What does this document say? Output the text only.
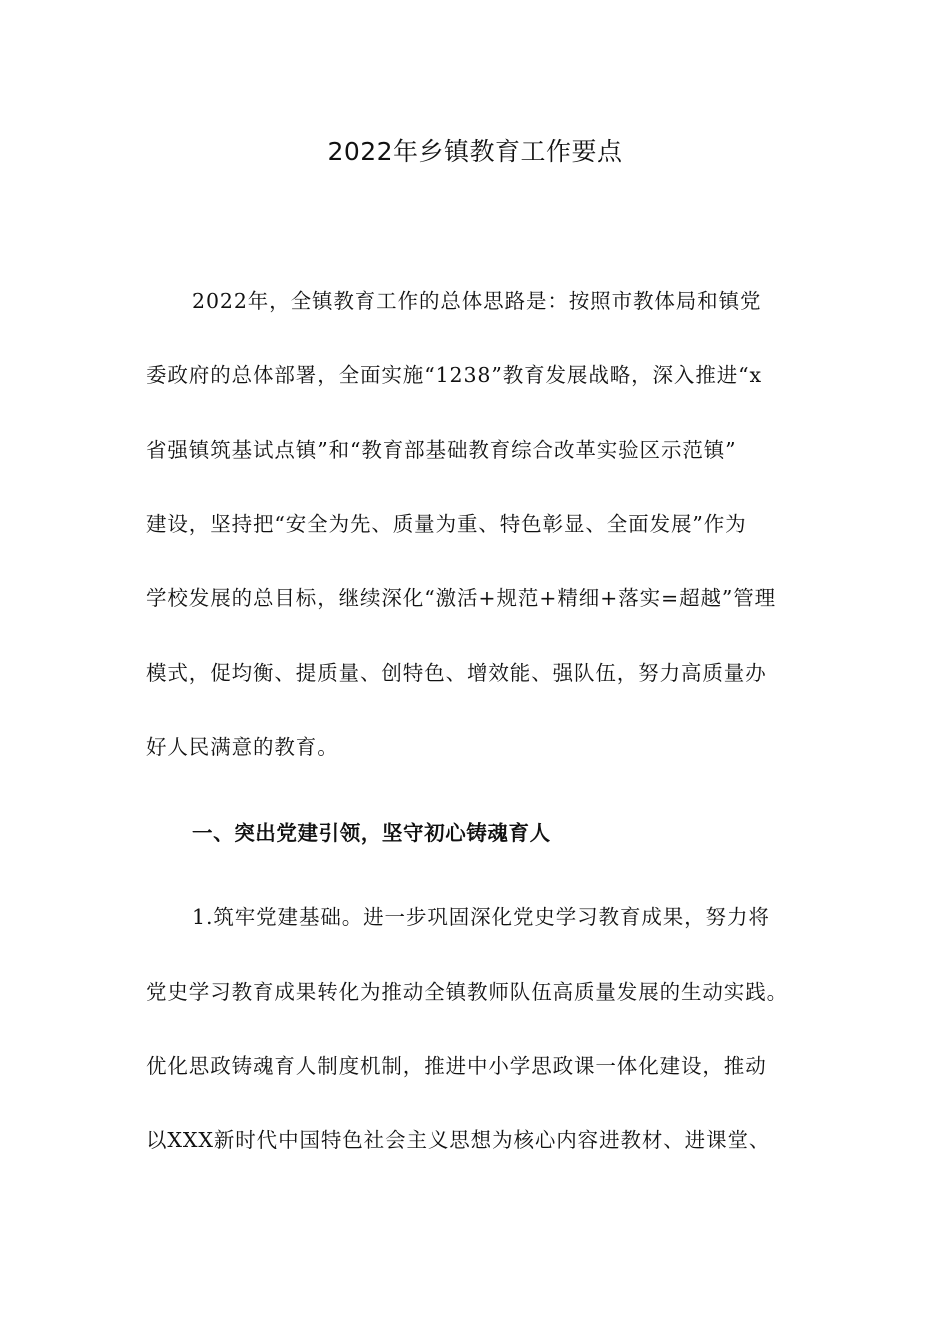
2022年乡镇教育工作要点
2022年，全镇教育工作的总体思路是：按照市教体局和镇党
委政府的总体部署，全面实施“1238”教育发展战略，深入推进“x
省强镇筑基试点镇”和“教育部基础教育综合改革实验区示范镇”
建设，坚持把“安全为先、质量为重、特色彰显、全面发展”作为
学校发展的总目标，继续深化“激活+规范+精细+落实=超越”管理
模式，促均衡、提质量、创特色、增效能、强队伍，努力高质量办
好人民满意的教育。
一、突出党建引领，坚守初心铸魂育人
1.筑牢党建基础。进一步巩固深化党史学习教育成果，努力将
党史学习教育成果转化为推动全镇教师队伍高质量发展的生动实践。
优化思政铸魂育人制度机制，推进中小学思政课一体化建设，推动
以XXX新时代中国特色社会主义思想为核心内容进教材、进课堂、
